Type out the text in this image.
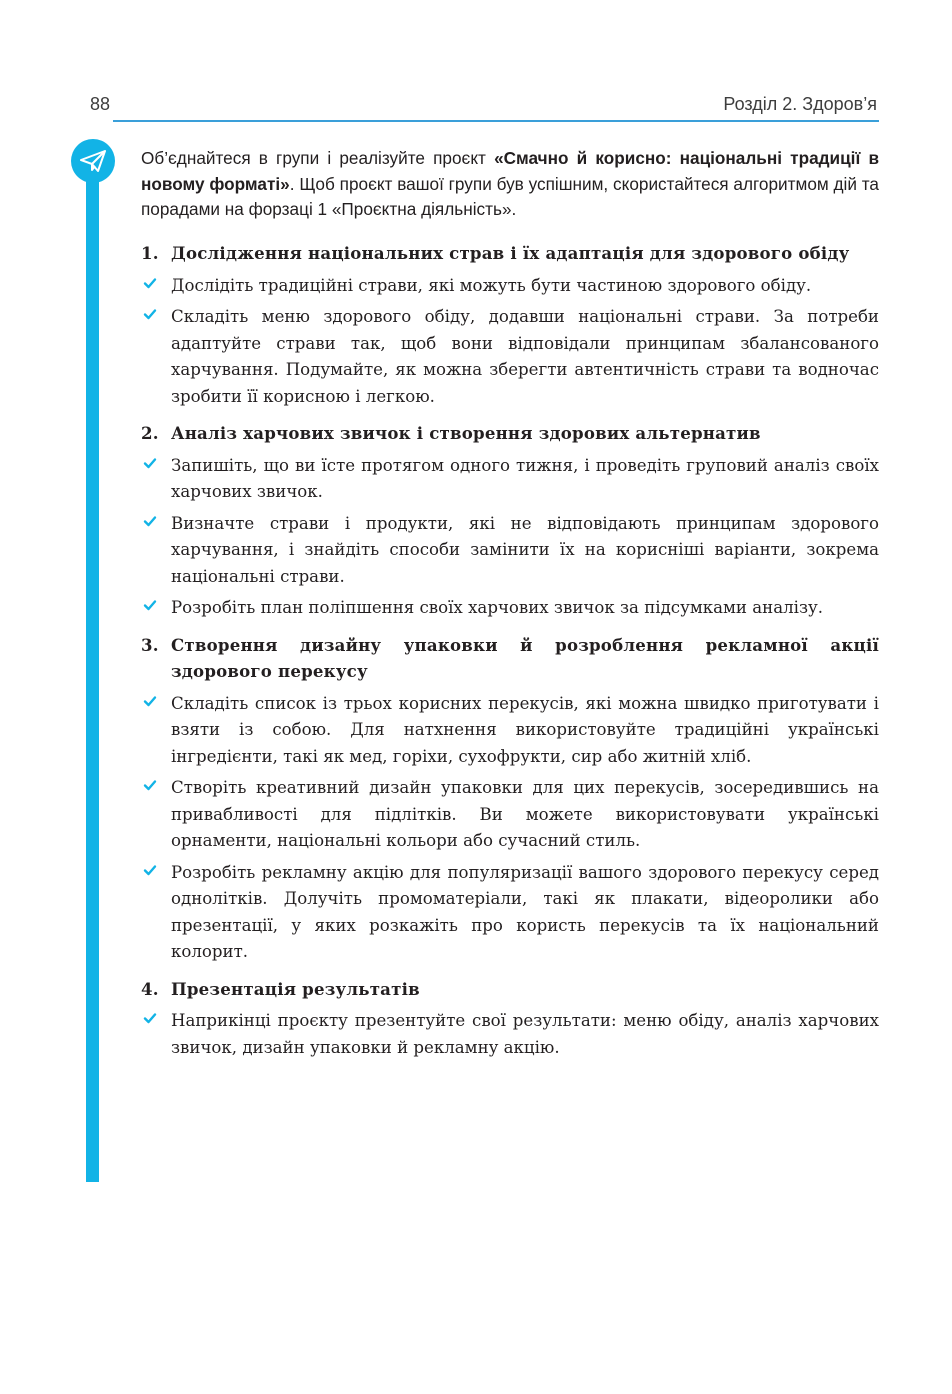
88	Розділ 2. Здоров’я
Об’єднайтеся в групи і реалізуйте проєкт «Смачно й корисно: національні традиції в новому форматі». Щоб проєкт вашої групи був успішним, скористайтеся алгоритмом дій та порадами на форзаці 1 «Проєктна діяльність».
1. Дослідження національних страв і їх адаптація для здорового обіду
Дослідіть традиційні страви, які можуть бути частиною здорового обіду.
Складіть меню здорового обіду, додавши національні страви. За потреби адаптуйте страви так, щоб вони відповідали принципам збалансованого харчування. Подумайте, як можна зберегти автентичність страви та водночас зробити її корисною і легкою.
2. Аналіз харчових звичок і створення здорових альтернатив
Запишіть, що ви їсте протягом одного тижня, і проведіть груповий аналіз своїх харчових звичок.
Визначте страви і продукти, які не відповідають принципам здорового харчування, і знайдіть способи замінити їх на корисніші варіанти, зокрема національні страви.
Розробіть план поліпшення своїх харчових звичок за підсумками аналізу.
3. Створення дизайну упаковки й розроблення рекламної акції здорового перекусу
Складіть список із трьох корисних перекусів, які можна швидко приготувати і взяти із собою. Для натхнення використовуйте традиційні українські інгредієнти, такі як мед, горіхи, сухофрукти, сир або житній хліб.
Створіть креативний дизайн упаковки для цих перекусів, зосередившись на привабливості для підлітків. Ви можете використовувати українські орнаменти, національні кольори або сучасний стиль.
Розробіть рекламну акцію для популяризації вашого здорового перекусу серед однолітків. Долучіть промоматеріали, такі як плакати, відеоролики або презентації, у яких розкажіть про користь перекусів та їх національний колорит.
4. Презентація результатів
Наприкінці проєкту презентуйте свої результати: меню обіду, аналіз харчових звичок, дизайн упаковки й рекламну акцію.
